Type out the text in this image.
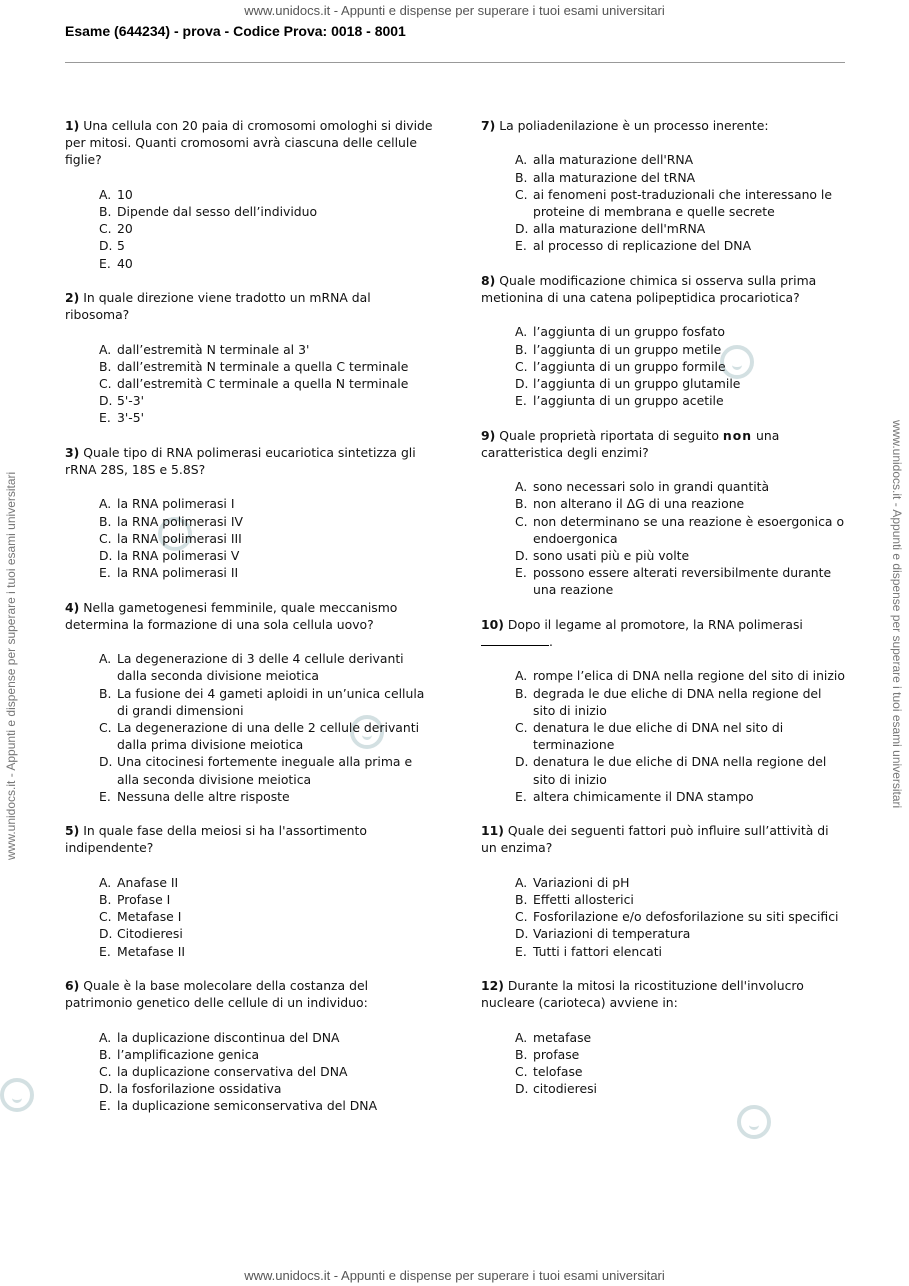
www.unidocs.it - Appunti e dispense per superare i tuoi esami universitari
www.unidocs.it - Appunti e dispense per superare i tuoi esami universitari	www.unidocs.it - Appunti e dispense per superare i tuoi esami universitari
Esame (644234) - prova - Codice Prova: 0018 - 8001
1) Una cellula con 20 paia di cromosomi omologhi si divide per mitosi. Quanti cromosomi avrà ciascuna delle cellule figlie?
A. 10
B. Dipende dal sesso dell’individuo
C. 20
D. 5
E. 40
2) In quale direzione viene tradotto un mRNA dal ribosoma?
A. dall’estremità N terminale al 3'
B. dall’estremità N terminale a quella C terminale
C. dall’estremità C terminale a quella N terminale
D. 5'-3'
E. 3'-5'
3) Quale tipo di RNA polimerasi eucariotica sintetizza gli rRNA 28S, 18S e 5.8S?
A. la RNA polimerasi I
B. la RNA polimerasi IV
C. la RNA polimerasi III
D. la RNA polimerasi V
E. la RNA polimerasi II
4) Nella gametogenesi femminile, quale meccanismo determina la formazione di una sola cellula uovo?
A. La degenerazione di 3 delle 4 cellule derivanti dalla seconda divisione meiotica
B. La fusione dei 4 gameti aploidi in un’unica cellula di grandi dimensioni
C. La degenerazione di una delle 2 cellule derivanti dalla prima divisione meiotica
D. Una citocinesi fortemente ineguale alla prima e alla seconda divisione meiotica
E. Nessuna delle altre risposte
5) In quale fase della meiosi si ha l'assortimento indipendente?
A. Anafase II
B. Profase I
C. Metafase I
D. Citodieresi
E. Metafase II
6) Quale è la base molecolare della costanza del patrimonio genetico delle cellule di un individuo:
A. la duplicazione discontinua del DNA
B. l’amplificazione genica
C. la duplicazione conservativa del DNA
D. la fosforilazione ossidativa
E. la duplicazione semiconservativa del DNA
7) La poliadenilazione è un processo inerente:
A. alla maturazione dell'RNA
B. alla maturazione del tRNA
C. ai fenomeni post-traduzionali che interessano le proteine di membrana e quelle secrete
D. alla maturazione dell'mRNA
E. al processo di replicazione del DNA
8) Quale modificazione chimica si osserva sulla prima metionina di una catena polipeptidica procariotica?
A. l’aggiunta di un gruppo fosfato
B. l’aggiunta di un gruppo metile
C. l’aggiunta di un gruppo formile
D. l’aggiunta di un gruppo glutamile
E. l’aggiunta di un gruppo acetile
9) Quale proprietà riportata di seguito non una caratteristica degli enzimi?
A. sono necessari solo in grandi quantità
B. non alterano il ΔG di una reazione
C. non determinano se una reazione è esoergonica o endoergonica
D. sono usati più e più volte
E. possono essere alterati reversibilmente durante una reazione
10) Dopo il legame al promotore, la RNA polimerasi
.
A. rompe l’elica di DNA nella regione del sito di inizio
B. degrada le due eliche di DNA nella regione del sito di inizio
C. denatura le due eliche di DNA nel sito di terminazione
D. denatura le due eliche di DNA nella regione del sito di inizio
E. altera chimicamente il DNA stampo
11) Quale dei seguenti fattori può influire sull’attività di un enzima?
A. Variazioni di pH
B. Effetti allosterici
C. Fosforilazione e/o defosforilazione su siti specifici
D. Variazioni di temperatura
E. Tutti i fattori elencati
12) Durante la mitosi la ricostituzione dell'involucro nucleare (carioteca) avviene in:
A. metafase
B. profase
C. telofase
D. citodieresi
www.unidocs.it - Appunti e dispense per superare i tuoi esami universitari
